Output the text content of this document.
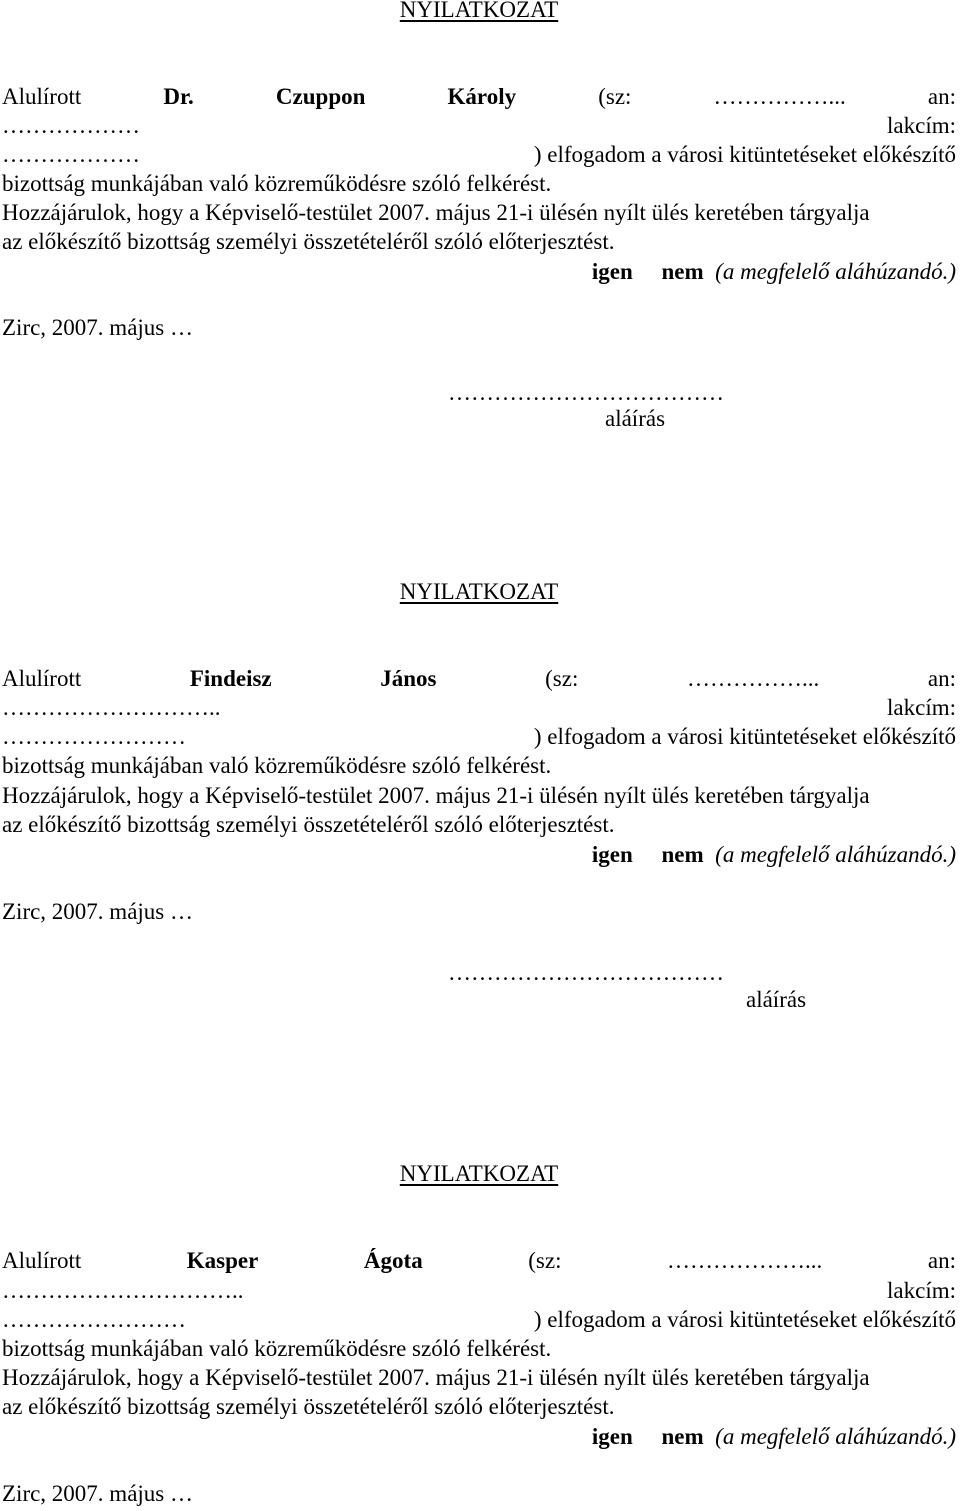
NYILATKOZAT
Alulírott	Dr.	Czuppon	Károly	(sz:	……………...	an:
………………	lakcím:
………………	) elfogadom a városi kitüntetéseket előkészítő
bizottság munkájában való közreműködésre szóló felkérést.
Hozzájárulok, hogy a Képviselő-testület 2007. május 21-i ülésén nyílt ülés keretében tárgyalja
az előkészítő bizottság személyi összetételéről szóló előterjesztést.
igen nem (a megfelelő aláhúzandó.)
Zirc, 2007. május …
………………………………
aláírás
NYILATKOZAT
Alulírott	Findeisz	János	(sz:	……………...	an:
………………………..	lakcím:
……………………	) elfogadom a városi kitüntetéseket előkészítő
bizottság munkájában való közreműködésre szóló felkérést.
Hozzájárulok, hogy a Képviselő-testület 2007. május 21-i ülésén nyílt ülés keretében tárgyalja
az előkészítő bizottság személyi összetételéről szóló előterjesztést.
igen nem (a megfelelő aláhúzandó.)
Zirc, 2007. május …
………………………………
aláírás
NYILATKOZAT
Alulírott	Kasper	Ágota	(sz:	………………...	an:
…………………………..	lakcím:
……………………	) elfogadom a városi kitüntetéseket előkészítő
bizottság munkájában való közreműködésre szóló felkérést.
Hozzájárulok, hogy a Képviselő-testület 2007. május 21-i ülésén nyílt ülés keretében tárgyalja
az előkészítő bizottság személyi összetételéről szóló előterjesztést.
igen nem (a megfelelő aláhúzandó.)
Zirc, 2007. május …
